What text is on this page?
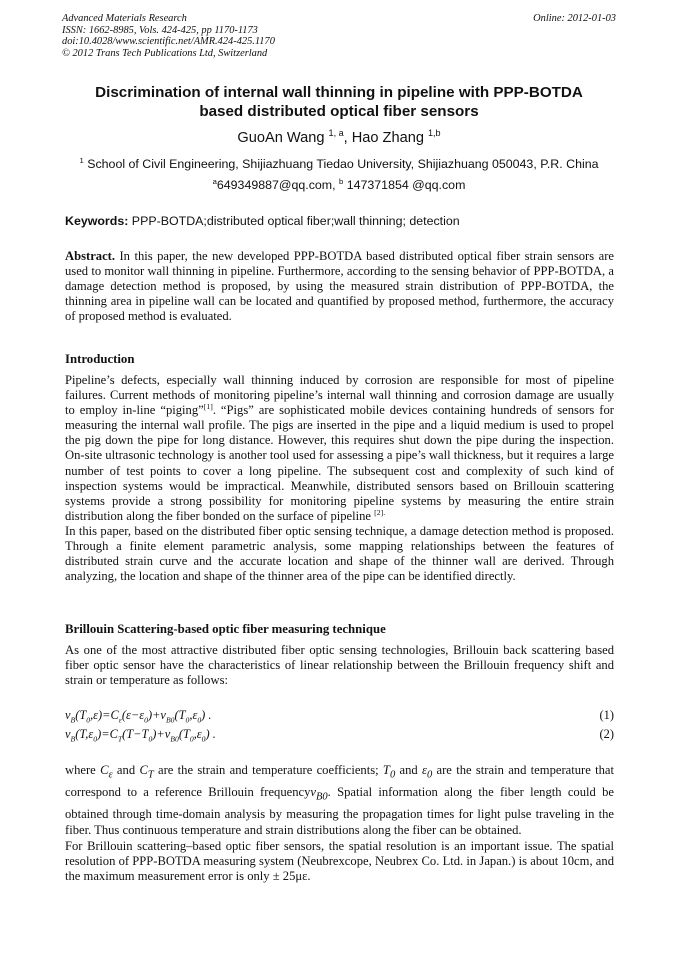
Advanced Materials Research
ISSN: 1662-8985, Vols. 424-425, pp 1170-1173
doi:10.4028/www.scientific.net/AMR.424-425.1170
© 2012 Trans Tech Publications Ltd, Switzerland
Online: 2012-01-03
Discrimination of internal wall thinning in pipeline with PPP-BOTDA
based distributed optical fiber sensors
GuoAn Wang $^{1, a}$, Hao Zhang $^{1,b}$
$^1$ School of Civil Engineering, Shijiazhuang Tiedao University, Shijiazhuang 050043, P.R. China
$^a$649349887@qq.com, $^b$ 147371854 @qq.com
Keywords: PPP-BOTDA;distributed optical fiber;wall thinning; detection

Abstract. In this paper, the new developed PPP-BOTDA based distributed optical fiber strain sensors are used to monitor wall thinning in pipeline. Furthermore, according to the sensing behavior of PPP-BOTDA, a damage detection method is proposed, by using the measured strain distribution of PPP-BOTDA, the thinning area in pipeline wall can be located and quantified by proposed method, furthermore, the accuracy of proposed method is evaluated.

Introduction

Pipeline’s defects, especially wall thinning induced by corrosion are responsible for most of pipeline failures. Current methods of monitoring pipeline’s internal wall thinning and corrosion damage are usually to employ in-line “piging”[1]. “Pigs” are sophisticated mobile devices containing hundreds of sensors for measuring the internal wall profile. The pigs are inserted in the pipe and a liquid medium is used to propel the pig down the pipe for long distance. However, this requires shut down the pipe during the inspection. On-site ultrasonic technology is another tool used for assessing a pipe’s wall thickness, but it requires a large number of test points to cover a long pipeline. The subsequent cost and complexity of such kind of inspection systems would be impractical. Meanwhile, distributed sensors based on Brillouin scattering systems provide a strong possibility for monitoring pipeline systems by measuring the entire strain distribution along the fiber bonded on the surface of pipeline $^{[2].}$

In this paper, based on the distributed fiber optic sensing technique, a damage detection method is proposed. Through a finite element parametric analysis, some mapping relationships between the features of distributed strain curve and the accurate location and shape of the thinner wall are derived. Through analyzing, the location and shape of the thinner area of the pipe can be identified directly.

Brillouin Scattering-based optic fiber measuring technique

As one of the most attractive distributed fiber optic sensing technologies, Brillouin back scattering based fiber optic sensor have the characteristics of linear relationship between the Brillouin frequency shift and strain or temperature as follows:

$\nu_B(T_0,\varepsilon)=C_\varepsilon(\varepsilon-\varepsilon_0)+\nu_{B0}(T_0,\varepsilon_0)$ .	(1)
$\nu_B(T,\varepsilon_0)=C_T(T-T_0)+\nu_{B0}(T_0,\varepsilon_0)$ .	(2)

where $C_\varepsilon$ and $C_T$ are the strain and temperature coefficients; $T_0$ and $\varepsilon_0$ are the strain and temperature that correspond to a reference Brillouin frequencyν$_{B0}$. Spatial information along the fiber length could be obtained through time-domain analysis by measuring the propagation times for light pulse traveling in the fiber. Thus continuous temperature and strain distributions along the fiber can be obtained.

For Brillouin scattering–based optic fiber sensors, the spatial resolution is an important issue. The spatial resolution of PPP-BOTDA measuring system (Neubrexcope, Neubrex Co. Ltd. in Japan.) is about 10cm, and the maximum measurement error is only ± 25με.
